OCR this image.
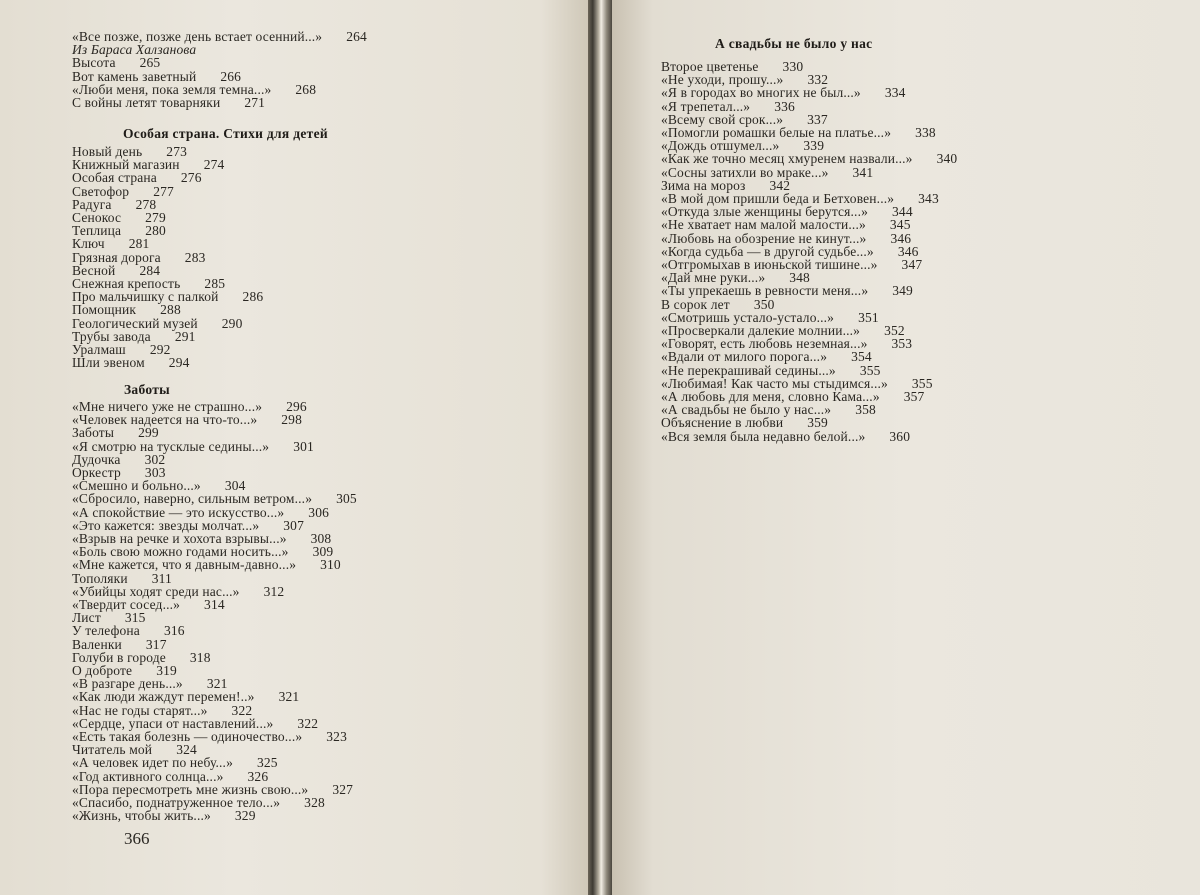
«Все позже, позже день встает осенний...» 264
Из Бараса Халзанова
Высота 265
Вот камень заветный 266
«Люби меня, пока земля темна...» 268
С войны летят товарняки 271
Особая страна. Стихи для детей
Новый день 273
Книжный магазин 274
Особая страна 276
Светофор 277
Радуга 278
Сенокос 279
Теплица 280
Ключ 281
Грязная дорога 283
Весной 284
Снежная крепость 285
Про мальчишку с палкой 286
Помощник 288
Геологический музей 290
Трубы завода 291
Уралмаш 292
Шли эвеном 294
Заботы
«Мне ничего уже не страшно...» 296
«Человек надеется на что-то...» 298
Заботы 299
«Я смотрю на тусклые седины...» 301
Дудочка 302
Оркестр 303
«Смешно и больно...» 304
«Сбросило, наверно, сильным ветром...» 305
«А спокойствие — это искусство...» 306
«Это кажется: звезды молчат...» 307
«Взрыв на речке и хохота взрывы...» 308
«Боль свою можно годами носить...» 309
«Мне кажется, что я давным-давно...» 310
Тополяки 311
«Убийцы ходят среди нас...» 312
«Твердит сосед...» 314
Лист 315
У телефона 316
Валенки 317
Голуби в городе 318
О доброте 319
«В разгаре день...» 321
«Как люди жаждут перемен!..» 321
«Нас не годы старят...» 322
«Сердце, упаси от наставлений...» 322
«Есть такая болезнь — одиночество...» 323
Читатель мой 324
«А человек идет по небу...» 325
«Год активного солнца...» 326
«Пора пересмотреть мне жизнь свою...» 327
«Спасибо, поднатруженное тело...» 328
«Жизнь, чтобы жить...» 329
366
А свадьбы не было у нас
Второе цветенье 330
«Не уходи, прошу...» 332
«Я в городах во многих не был...» 334
«Я трепетал...» 336
«Всему свой срок...» 337
«Помогли ромашки белые на платье...» 338
«Дождь отшумел...» 339
«Как же точно месяц хмуренем назвали...» 340
«Сосны затихли во мраке...» 341
Зима на мороз 342
«В мой дом пришли беда и Бетховен...» 343
«Откуда злые женщины берутся...» 344
«Не хватает нам малой малости...» 345
«Любовь на обозрение не кинут...» 346
«Когда судьба — в другой судьбе...» 346
«Отгромыхав в июньской тишине...» 347
«Дай мне руки...» 348
«Ты упрекаешь в ревности меня...» 349
В сорок лет 350
«Смотришь устало-устало...» 351
«Просверкали далекие молнии...» 352
«Говорят, есть любовь неземная...» 353
«Вдали от милого порога...» 354
«Не перекрашивай седины...» 355
«Любимая! Как часто мы стыдимся...» 355
«А любовь для меня, словно Кама...» 357
«А свадьбы не было у нас...» 358
Объяснение в любви 359
«Вся земля была недавно белой...» 360
